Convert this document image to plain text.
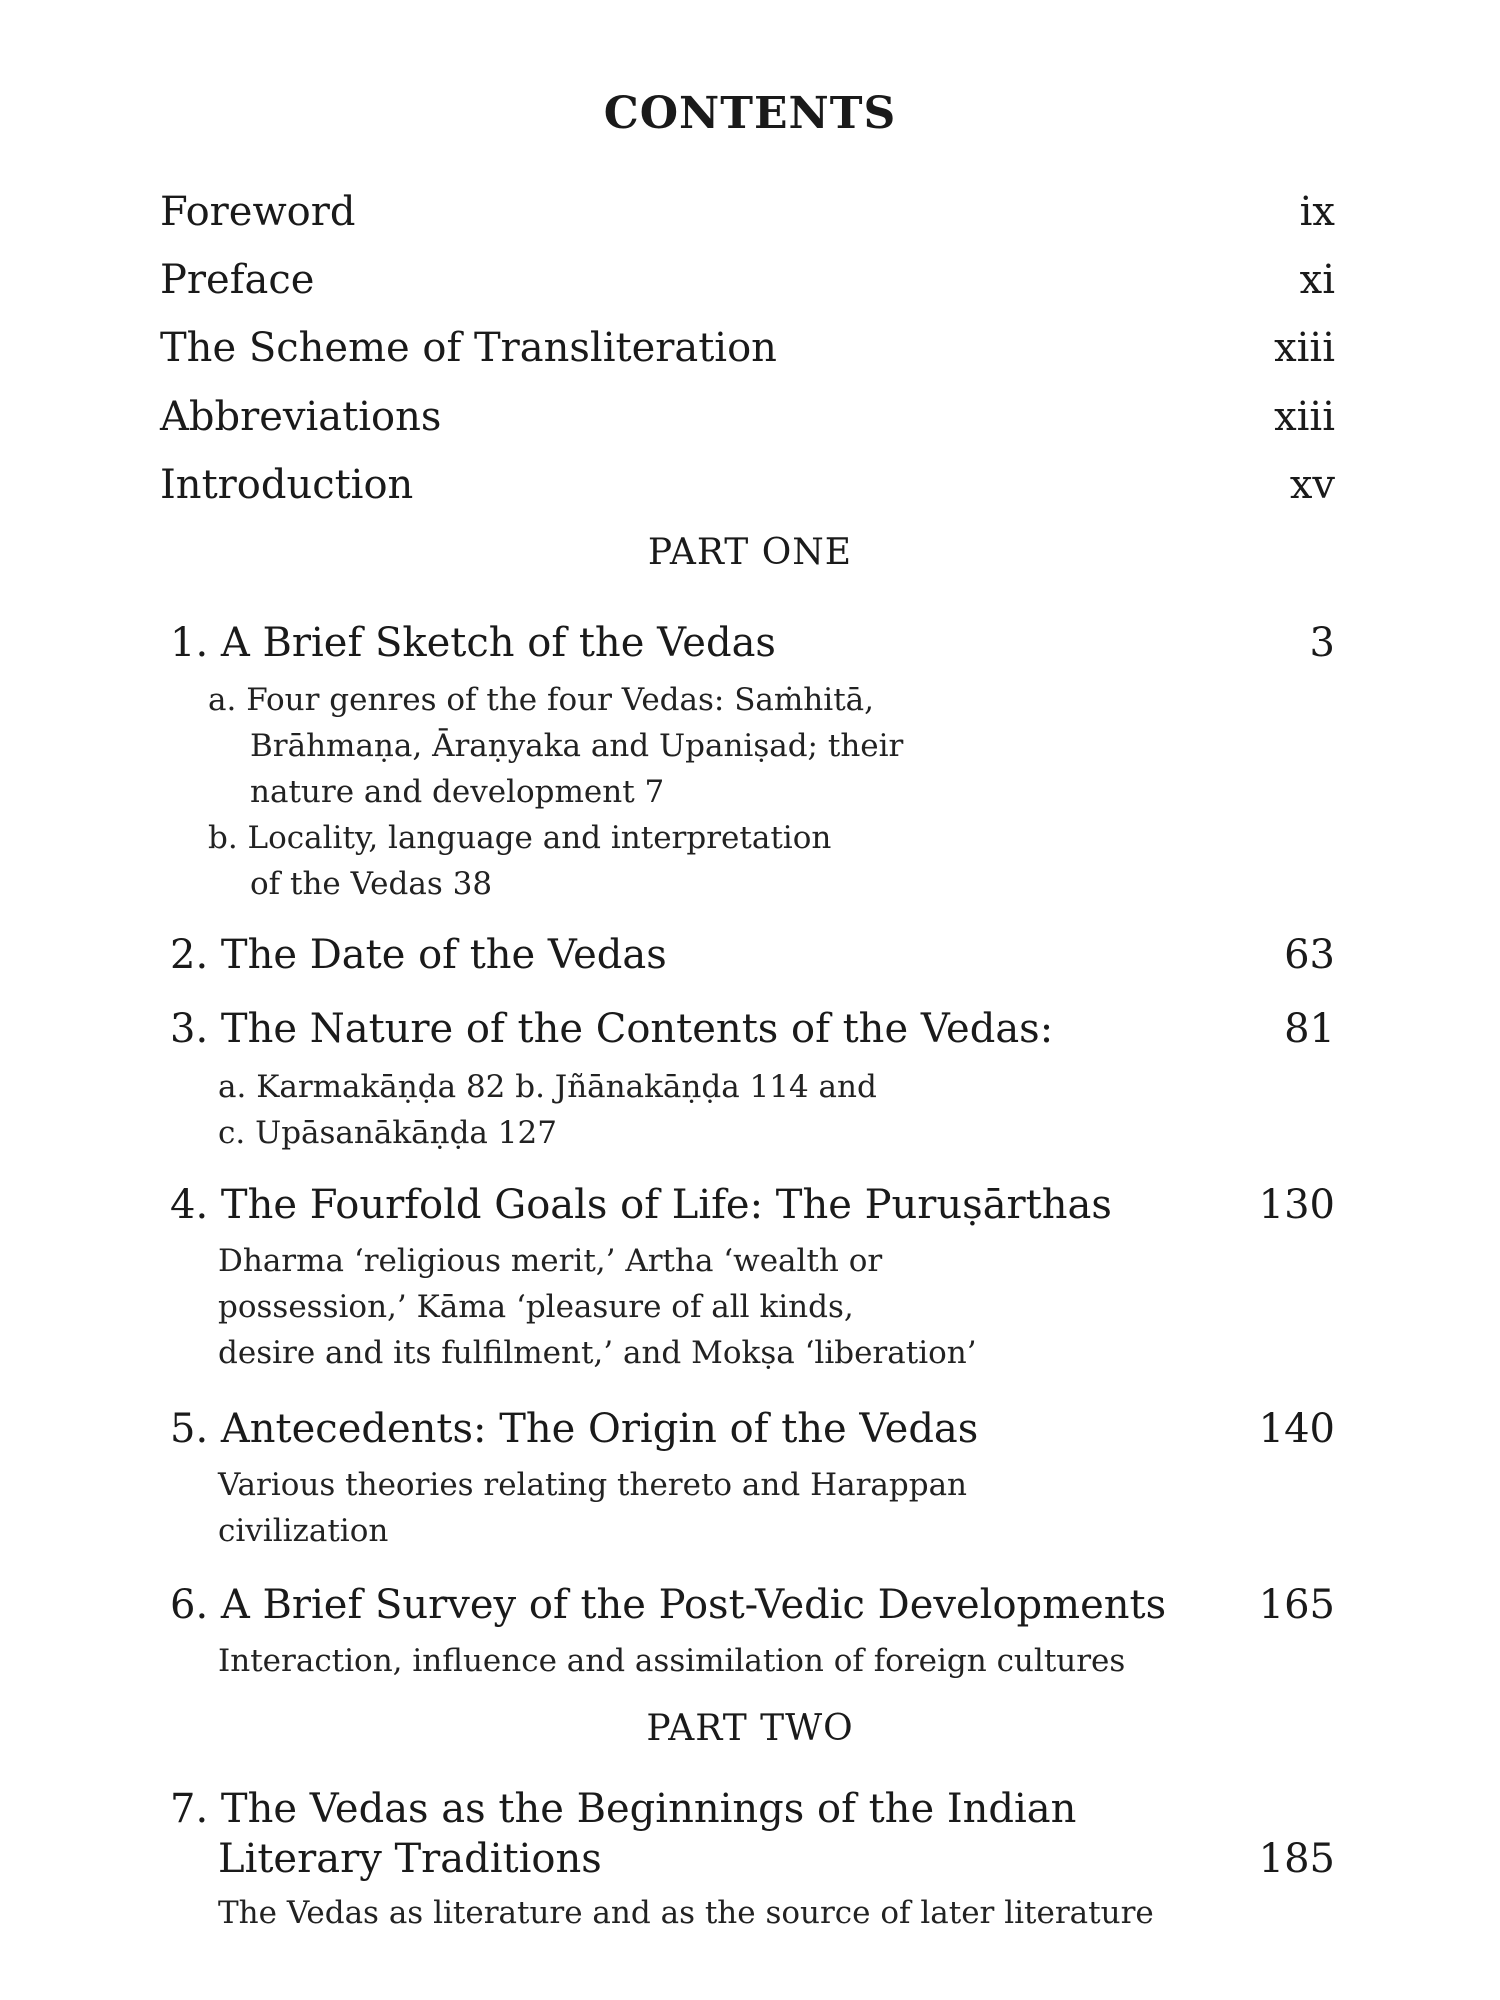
CONTENTS
Foreword	ix
Preface	xi
The Scheme of Transliteration	xiii
Abbreviations	xiii
Introduction	xv
PART ONE
1. A Brief Sketch of the Vedas	3
a. Four genres of the four Vedas: Saṁhitā,
Brāhmaṇa, Āraṇyaka and Upaniṣad; their
nature and development 7
b. Locality, language and interpretation
of the Vedas 38
2. The Date of the Vedas	63
3. The Nature of the Contents of the Vedas:	81
a. Karmakāṇḍa 82 b. Jñānakāṇḍa 114 and
c. Upāsanākāṇḍa 127
4. The Fourfold Goals of Life: The Puruṣārthas	130
Dharma ‘religious merit,’ Artha ‘wealth or
possession,’ Kāma ‘pleasure of all kinds,
desire and its fulfilment,’ and Mokṣa ‘liberation’
5. Antecedents: The Origin of the Vedas	140
Various theories relating thereto and Harappan
civilization
6. A Brief Survey of the Post-Vedic Developments 165
Interaction, influence and assimilation of foreign cultures
PART TWO
7. The Vedas as the Beginnings of the Indian
Literary Traditions	185
The Vedas as literature and as the source of later literature
